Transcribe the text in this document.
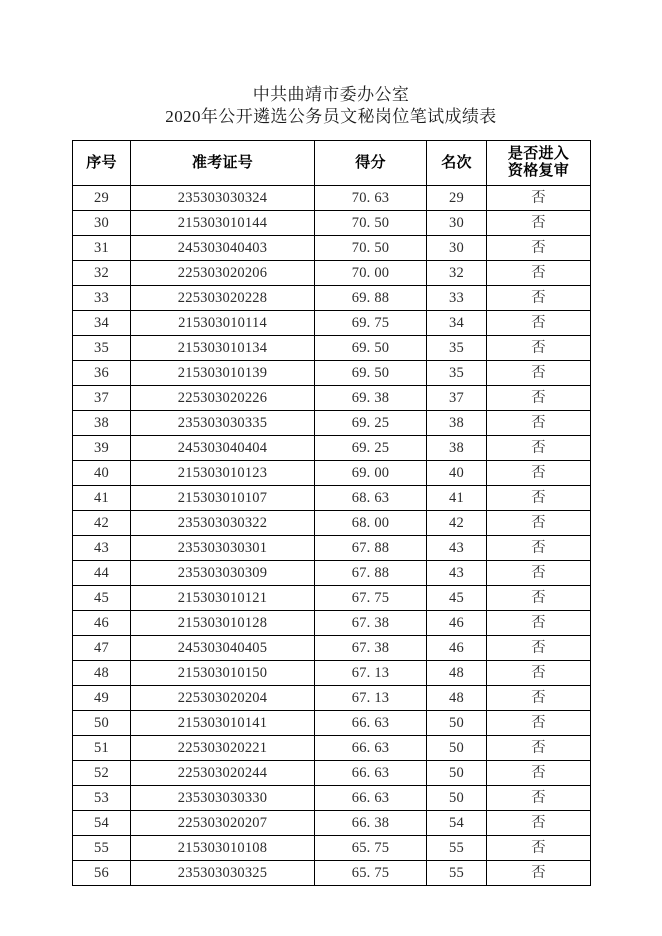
中共曲靖市委办公室
2020年公开遴选公务员文秘岗位笔试成绩表
序号	准考证号	得分	名次	是否进入
资格复审

29	235303030324	70. 63	29	否
30	215303010144	70. 50	30	否
31	245303040403	70. 50	30	否
32	225303020206	70. 00	32	否
33	225303020228	69. 88	33	否
34	215303010114	69. 75	34	否
35	215303010134	69. 50	35	否
36	215303010139	69. 50	35	否
37	225303020226	69. 38	37	否
38	235303030335	69. 25	38	否
39	245303040404	69. 25	38	否
40	215303010123	69. 00	40	否
41	215303010107	68. 63	41	否
42	235303030322	68. 00	42	否
43	235303030301	67. 88	43	否
44	235303030309	67. 88	43	否
45	215303010121	67. 75	45	否
46	215303010128	67. 38	46	否
47	245303040405	67. 38	46	否
48	215303010150	67. 13	48	否
49	225303020204	67. 13	48	否
50	215303010141	66. 63	50	否
51	225303020221	66. 63	50	否
52	225303020244	66. 63	50	否
53	235303030330	66. 63	50	否
54	225303020207	66. 38	54	否
55	215303010108	65. 75	55	否
56	235303030325	65. 75	55	否
